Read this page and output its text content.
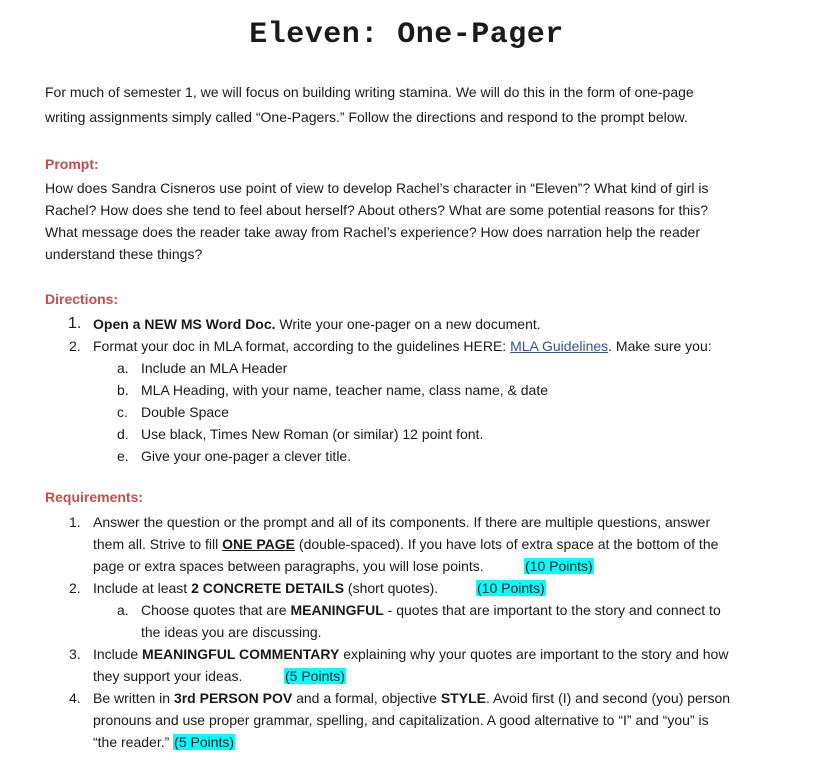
Eleven: One-Pager
For much of semester 1, we will focus on building writing stamina. We will do this in the form of one-page
writing assignments simply called “One-Pagers.” Follow the directions and respond to the prompt below.
Prompt:
How does Sandra Cisneros use point of view to develop Rachel’s character in “Eleven”? What kind of girl is
Rachel? How does she tend to feel about herself? About others? What are some potential reasons for this?
What message does the reader take away from Rachel’s experience? How does narration help the reader
understand these things?
Directions:
1. Open a NEW MS Word Doc. Write your one-pager on a new document.
2. Format your doc in MLA format, according to the guidelines HERE: MLA Guidelines. Make sure you:
a. Include an MLA Header
b. MLA Heading, with your name, teacher name, class name, & date
c. Double Space
d. Use black, Times New Roman (or similar) 12 point font.
e. Give your one-pager a clever title.
Requirements:
1. Answer the question or the prompt and all of its components. If there are multiple questions, answer
them all. Strive to fill ONE PAGE (double-spaced). If you have lots of extra space at the bottom of the
page or extra spaces between paragraphs, you will lose points.	(10 Points)
2. Include at least 2 CONCRETE DETAILS (short quotes).	(10 Points)
a. Choose quotes that are MEANINGFUL - quotes that are important to the story and connect to
the ideas you are discussing.
3. Include MEANINGFUL COMMENTARY explaining why your quotes are important to the story and how
they support your ideas.	(5 Points)
4. Be written in 3rd PERSON POV and a formal, objective STYLE. Avoid first (I) and second (you) person
pronouns and use proper grammar, spelling, and capitalization. A good alternative to “I” and “you” is
“the reader.” (5 Points)
